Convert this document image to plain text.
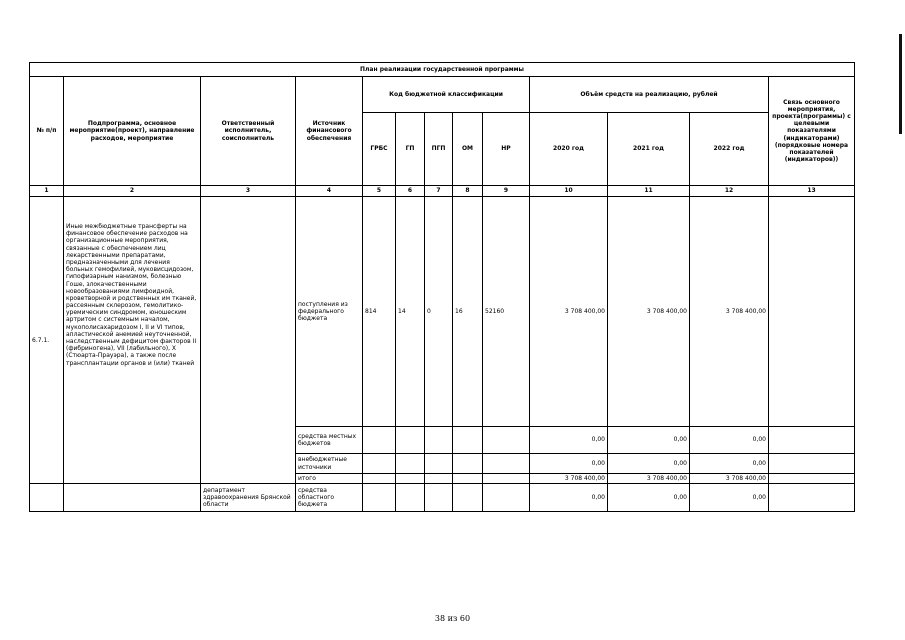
План реализации государственной программы												
№ п/п	Подпрограмма, основное мероприятие(проект), направление расходов, мероприятие	Ответственный исполнитель, соисполнитель	Источник финансового обеспечения	Код бюджетной классификации					Объём средств на реализацию, рублей			Связь основного мероприятия, проекта(программы) с целевыми показателями (индикаторами) (порядковые номера показателей (индикаторов))
				ГРБС	ГП	ПГП	ОМ	НР	2020 год	2021 год	2022 год	
1	2	3	4	5	6	7	8	9	10	11	12	13
6.7.1.	Иные межбюджетные трансферты на финансовое обеспечение расходов на организационные мероприятия, связанные с обеспечением лиц лекарственными препаратами, предназначенными для лечения больных гемофилией, муковисцидозом, гипофизарным нанизмом, болезнью Гоше, злокачественными новообразованиями лимфоидной, кроветворной и родственных им тканей, рассеянным склерозом, гемолитико-уремическим синдромом, юношеским артритом с системным началом, мукополисахаридозом I, II и VI типов, апластической анемией неуточненной, наследственным дефицитом факторов II (фибриногена), VII (лабильного), X (Стюарта-Прауэра), а также после трансплантации органов и (или) тканей		поступления из федерального бюджета	814	14	0	16	52160	3 708 400,00	3 708 400,00	3 708 400,00	
			средства местных бюджетов						0,00	0,00	0,00	
			внебюджетные источники						0,00	0,00	0,00	
			итого						3 708 400,00	3 708 400,00	3 708 400,00	
		департамент здравоохранения Брянской области	средства областного бюджета						0,00	0,00	0,00	
38 из 60
